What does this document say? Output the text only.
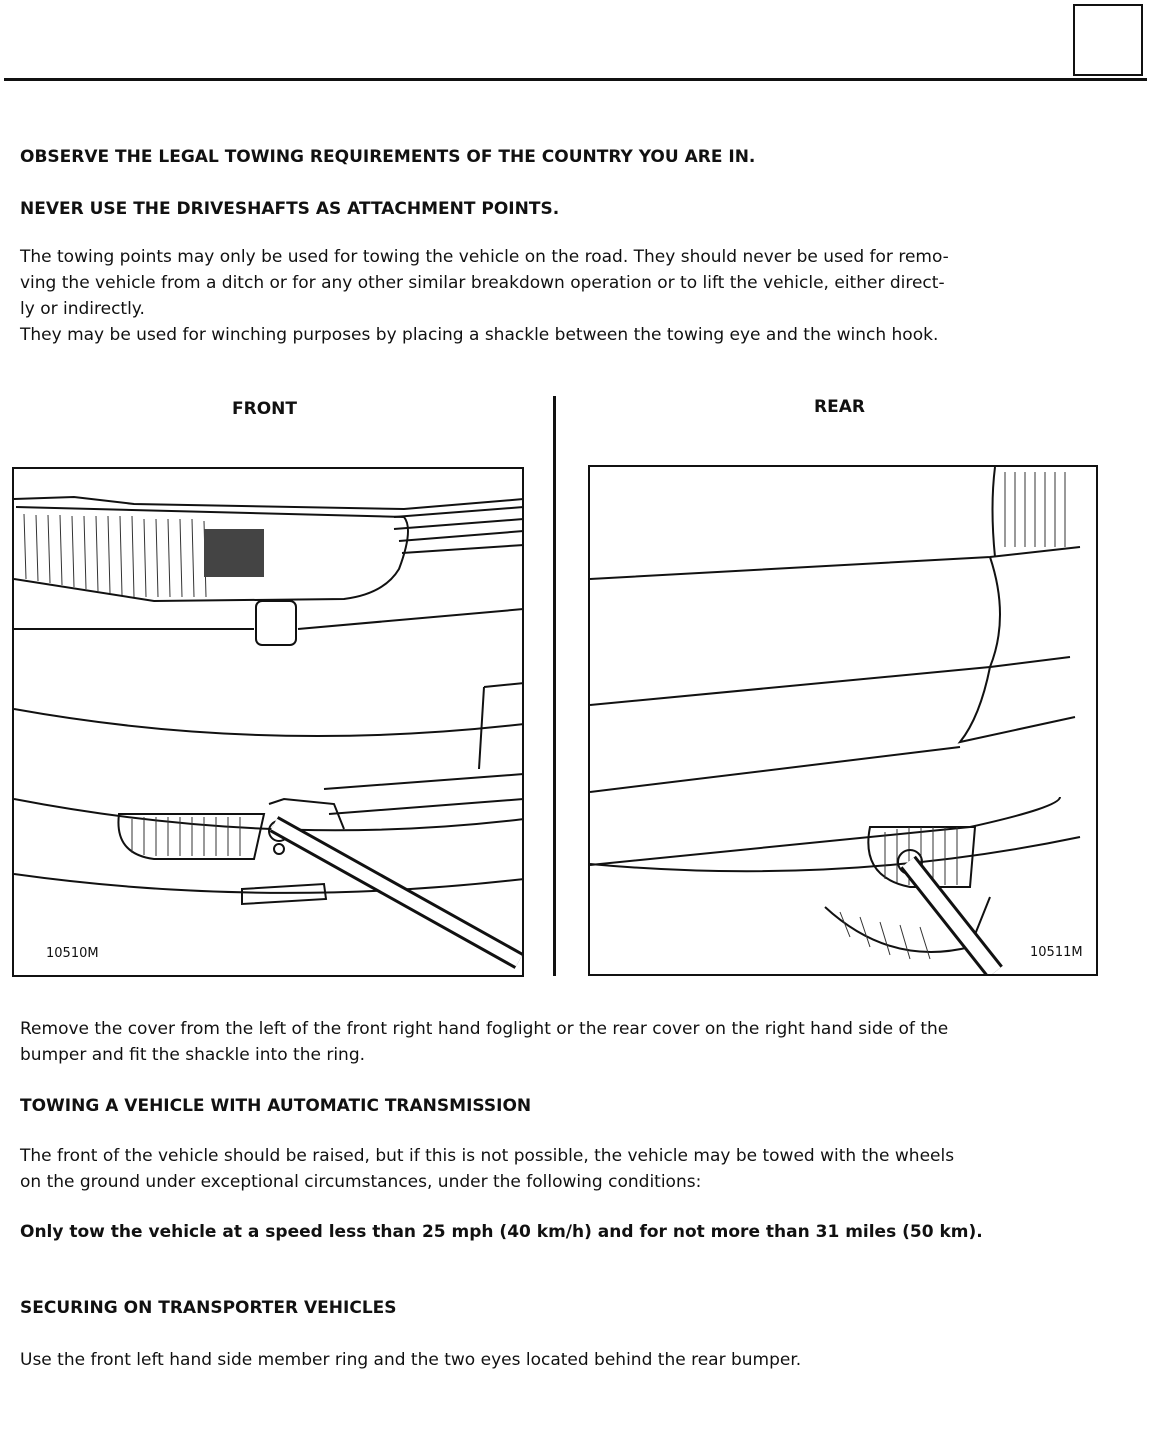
OBSERVE THE LEGAL TOWING REQUIREMENTS OF THE COUNTRY YOU ARE IN.

NEVER USE THE DRIVESHAFTS AS ATTACHMENT POINTS.

The towing points may only be used for towing the vehicle on the road. They should never be used for remo-

ving the vehicle from a ditch or for any other similar breakdown operation or to lift the vehicle, either direct-

ly or indirectly.

They may be used for winching purposes by placing a shackle between the towing eye and the winch hook.

FRONT	REAR

10510M	10511M

Remove the cover from the left of the front right hand foglight or the rear cover on the right hand side of the

bumper and fit the shackle into the ring.

TOWING A VEHICLE WITH AUTOMATIC TRANSMISSION

The front of the vehicle should be raised, but if this is not possible, the vehicle may be towed with the wheels

on the ground under exceptional circumstances, under the following conditions:

Only tow the vehicle at a speed less than 25 mph (40 km/h) and for not more than 31 miles (50 km).

SECURING ON TRANSPORTER VEHICLES

Use the front left hand side member ring and the two eyes located behind the rear bumper.
